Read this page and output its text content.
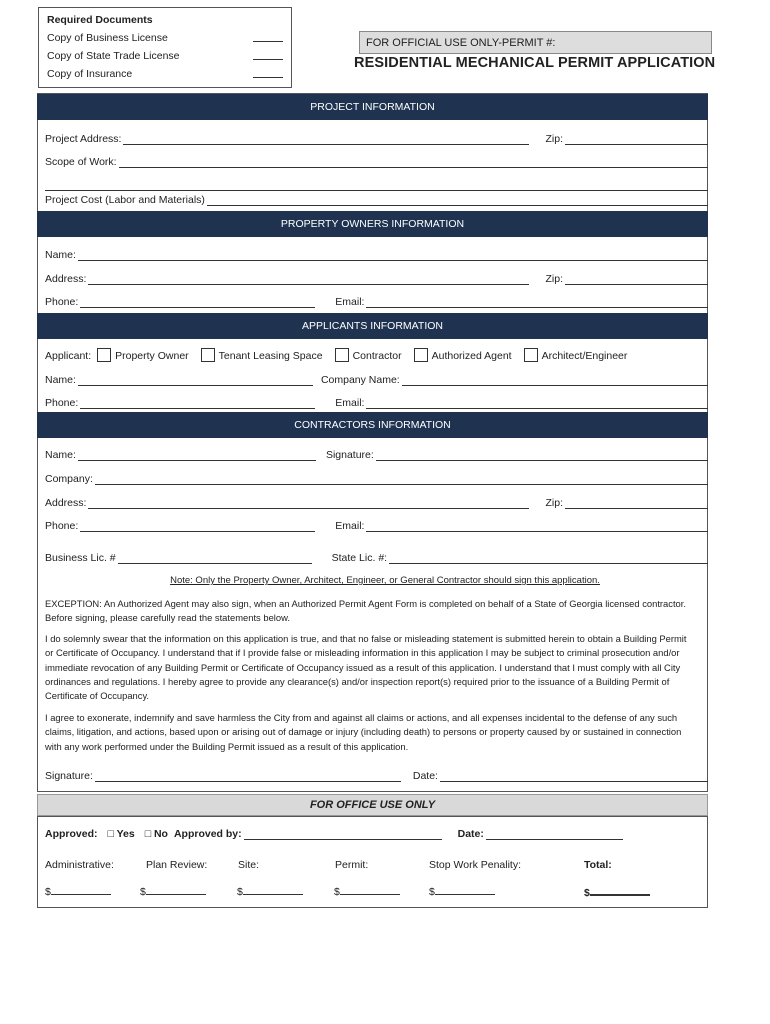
Required Documents
Copy of Business License
Copy of State Trade License
Copy of Insurance
FOR OFFICIAL USE ONLY-PERMIT #:
RESIDENTIAL MECHANICAL PERMIT APPLICATION
PROJECT INFORMATION
Project Address:	Zip:
Scope of Work:
Project Cost (Labor and Materials)
PROPERTY OWNERS INFORMATION
Name:
Address:	Zip:
Phone:	Email:
APPLICANTS INFORMATION
Applicant: Property Owner	Tenant Leasing Space	Contractor	Authorized Agent	Architect/Engineer
Name:	Company Name:
Phone:	Email:
CONTRACTORS INFORMATION
Name:	Signature:
Company:
Address:	Zip:
Phone:	Email:
Business Lic. #	State Lic. #:
Note: Only the Property Owner, Architect, Engineer, or General Contractor should sign this application.
EXCEPTION: An Authorized Agent may also sign, when an Authorized Permit Agent Form is completed on behalf of a State of Georgia licensed contractor. Before signing, please carefully read the statements below.
I do solemnly swear that the information on this application is true, and that no false or misleading statement is submitted herein to obtain a Building Permit or Certificate of Occupancy. I understand that if I provide false or misleading information in this application I may be subject to criminal prosecution and/or immediate revocation of any Building Permit or Certificate of Occupancy issued as a result of this application. I understand that I must comply with all City ordinances and regulations. I hereby agree to provide any clearance(s) and/or inspection report(s) required prior to the issuance of a Building Permit of Certificate of Occupancy.
I agree to exonerate, indemnify and save harmless the City from and against all claims or actions, and all expenses incidental to the defense of any such claims, litigation, and actions, based upon or arising out of damage or injury (including death) to persons or property caused by or sustained in connection with any work performed under the Building Permit issued as a result of this application.
Signature:	Date:
FOR OFFICE USE ONLY
Approved: □ Yes □ No Approved by:	Date:
Administrative:	Plan Review:	Site:	Permit:	Stop Work Penality:	Total:
$	$	$	$	$	$
